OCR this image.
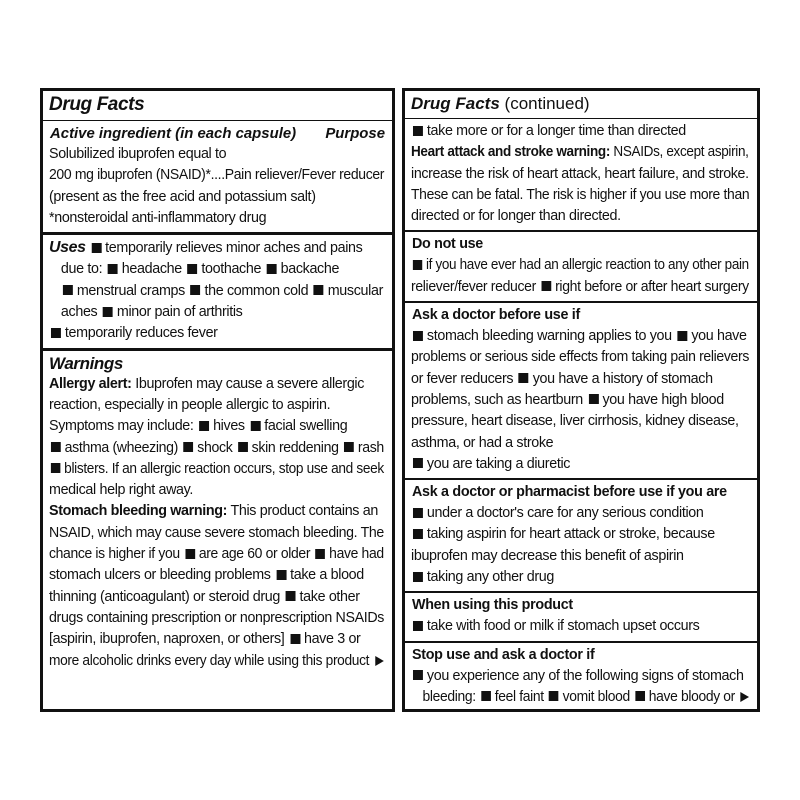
Drug Facts
Active ingredient (in each capsule) Purpose
Solubilized ibuprofen equal to
200 mg ibuprofen (NSAID)*....Pain reliever/Fever reducer
(present as the free acid and potassium salt)
*nonsteroidal anti-inflammatory drug
Uses temporarily relieves minor aches and pains
due to: headache toothache backache
menstrual cramps the common cold muscular
aches minor pain of arthritis
temporarily reduces fever
Warnings
Allergy alert: Ibuprofen may cause a severe allergic
reaction, especially in people allergic to aspirin.
Symptoms may include: hives facial swelling
asthma (wheezing) shock skin reddening rash
blisters. If an allergic reaction occurs, stop use and seek
medical help right away.
Stomach bleeding warning: This product contains an
NSAID, which may cause severe stomach bleeding. The
chance is higher if you are age 60 or older have had
stomach ulcers or bleeding problems take a blood
thinning (anticoagulant) or steroid drug take other
drugs containing prescription or nonprescription NSAIDs
[aspirin, ibuprofen, naproxen, or others] have 3 or
more alcoholic drinks every day while using this product
Drug Facts (continued)
take more or for a longer time than directed
Heart attack and stroke warning: NSAIDs, except aspirin,
increase the risk of heart attack, heart failure, and stroke.
These can be fatal. The risk is higher if you use more than
directed or for longer than directed.
Do not use
if you have ever had an allergic reaction to any other pain
reliever/fever reducer right before or after heart surgery
Ask a doctor before use if
stomach bleeding warning applies to you you have
problems or serious side effects from taking pain relievers
or fever reducers you have a history of stomach
problems, such as heartburn you have high blood
pressure, heart disease, liver cirrhosis, kidney disease,
asthma, or had a stroke
you are taking a diuretic
Ask a doctor or pharmacist before use if you are
under a doctor's care for any serious condition
taking aspirin for heart attack or stroke, because
ibuprofen may decrease this benefit of aspirin
taking any other drug
When using this product
take with food or milk if stomach upset occurs
Stop use and ask a doctor if
you experience any of the following signs of stomach
bleeding: feel faint vomit blood have bloody or
